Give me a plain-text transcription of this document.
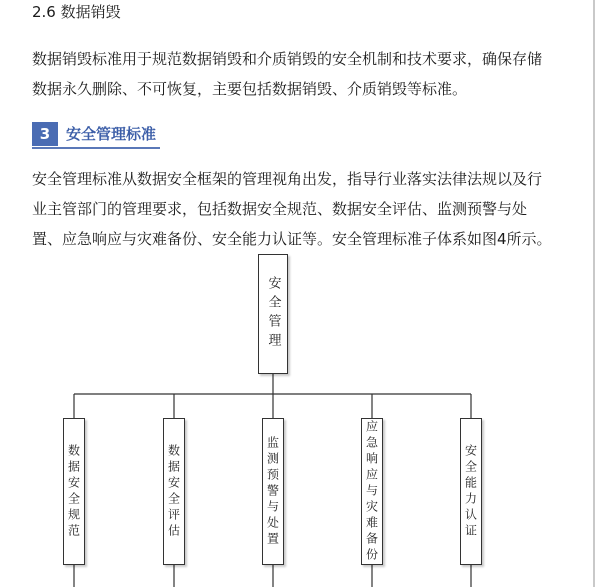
2.6 数据销毁

数据销毁标准用于规范数据销毁和介质销毁的安全机制和技术要求，确保存储
数据永久删除、不可恢复，主要包括数据销毁、介质销毁等标准。

3	安全管理标准

安全管理标准从数据安全框架的管理视角出发，指导行业落实法律法规以及行
业主管部门的管理要求，包括数据安全规范、数据安全评估、监测预警与处
置、应急响应与灾难备份、安全能力认证等。安全管理标准子体系如图4所示。

安全管理
数据安全规范	数据安全评估	监测预警与处置	应急响应与灾难备份	安全能力认证
